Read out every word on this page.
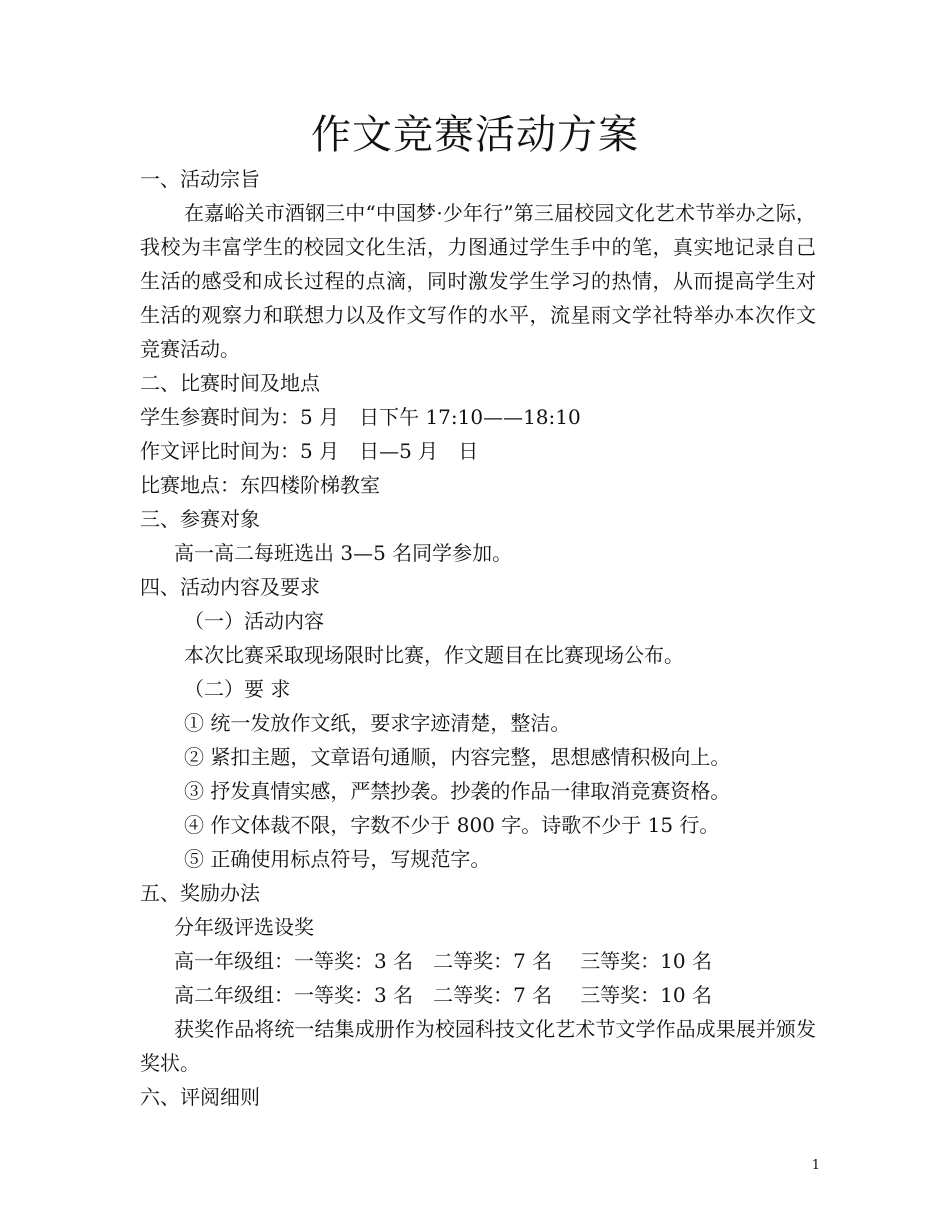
作文竞赛活动方案
一、活动宗旨
在嘉峪关市酒钢三中“中国梦·少年行”第三届校园文化艺术节举办之际，我校为丰富学生的校园文化生活，力图通过学生手中的笔，真实地记录自己生活的感受和成长过程的点滴，同时激发学生学习的热情，从而提高学生对生活的观察力和联想力以及作文写作的水平，流星雨文学社特举办本次作文竞赛活动。
二、比赛时间及地点
学生参赛时间为：5 月 日下午 17:10——18:10
作文评比时间为：5 月 日—5 月 日
比赛地点：东四楼阶梯教室
三、参赛对象
高一高二每班选出 3—5 名同学参加。
四、活动内容及要求
（一）活动内容
本次比赛采取现场限时比赛，作文题目在比赛现场公布。
（二）要 求
① 统一发放作文纸，要求字迹清楚，整洁。
② 紧扣主题，文章语句通顺，内容完整，思想感情积极向上。
③ 抒发真情实感，严禁抄袭。抄袭的作品一律取消竞赛资格。
④ 作文体裁不限，字数不少于 800 字。诗歌不少于 15 行。
⑤ 正确使用标点符号，写规范字。
五、奖励办法
分年级评选设奖
高一年级组：一等奖：3 名 二等奖：7 名 三等奖：10 名
高二年级组：一等奖：3 名 二等奖：7 名 三等奖：10 名
获奖作品将统一结集成册作为校园科技文化艺术节文学作品成果展并颁发奖状。
六、评阅细则
1
